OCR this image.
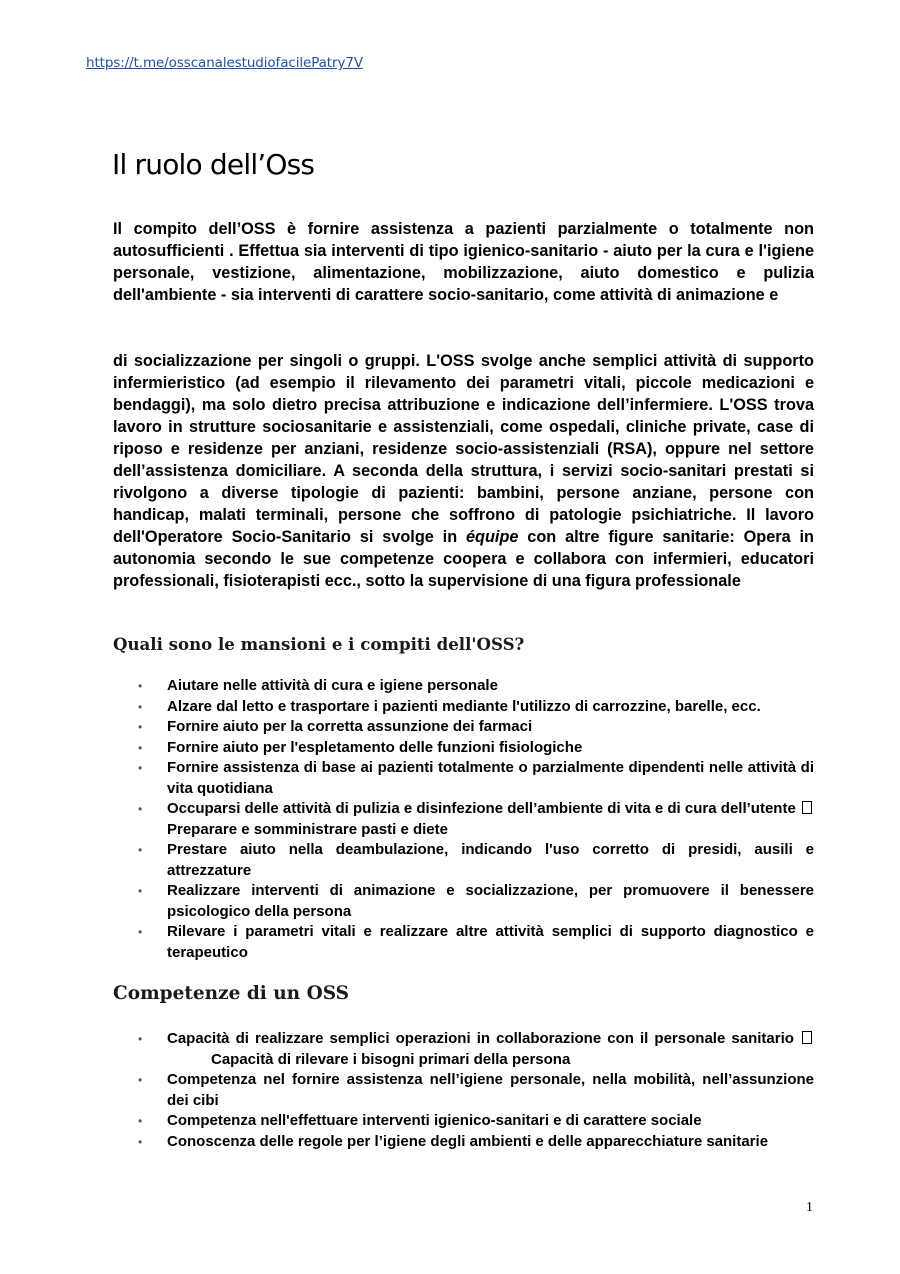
https://t.me/osscanalestudiofacilePatry7V
Il ruolo dell’Oss

Il compito dell’OSS è fornire assistenza a pazienti parzialmente o totalmente non autosufficienti . Effettua sia interventi di tipo igienico-sanitario - aiuto per la cura e l'igiene personale, vestizione, alimentazione, mobilizzazione, aiuto domestico e pulizia dell'ambiente - sia interventi di carattere socio-sanitario, come attività di animazione e

di socializzazione per singoli o gruppi. L'OSS svolge anche semplici attività di supporto infermieristico (ad esempio il rilevamento dei parametri vitali, piccole medicazioni e bendaggi), ma solo dietro precisa attribuzione e indicazione dell’infermiere. L'OSS trova lavoro in strutture sociosanitarie e assistenziali, come ospedali, cliniche private, case di riposo e residenze per anziani, residenze socio-assistenziali (RSA), oppure nel settore dell’assistenza domiciliare. A seconda della struttura, i servizi socio-sanitari prestati si rivolgono a diverse tipologie di pazienti: bambini, persone anziane, persone con handicap, malati terminali, persone che soffrono di patologie psichiatriche. Il lavoro dell'Operatore Socio-Sanitario si svolge in équipe con altre figure sanitarie: Opera in autonomia secondo le sue competenze coopera e collabora con infermieri, educatori professionali, fisioterapisti ecc., sotto la supervisione di una figura professionale

Quali sono le mansioni e i compiti dell'OSS?
• Aiutare nelle attività di cura e igiene personale
• Alzare dal letto e trasportare i pazienti mediante l'utilizzo di carrozzine, barelle, ecc.
• Fornire aiuto per la corretta assunzione dei farmaci
• Fornire aiuto per l'espletamento delle funzioni fisiologiche
• Fornire assistenza di base ai pazienti totalmente o parzialmente dipendenti nelle attività di vita quotidiana
• Occuparsi delle attività di pulizia e disinfezione dell’ambiente di vita e di cura dell’utente  Preparare e somministrare pasti e diete
• Prestare aiuto nella deambulazione, indicando l'uso corretto di presidi, ausili e attrezzature
• Realizzare interventi di animazione e socializzazione, per promuovere il benessere psicologico della persona
• Rilevare i parametri vitali e realizzare altre attività semplici di supporto diagnostico e terapeutico
Competenze di un OSS
• Capacità di realizzare semplici operazioni in collaborazione con il personale sanitario Capacità di rilevare i bisogni primari della persona
• Competenza nel fornire assistenza nell’igiene personale, nella mobilità, nell’assunzione dei cibi
• Competenza nell'effettuare interventi igienico-sanitari e di carattere sociale
• Conoscenza delle regole per l’igiene degli ambienti e delle apparecchiature sanitarie
1
